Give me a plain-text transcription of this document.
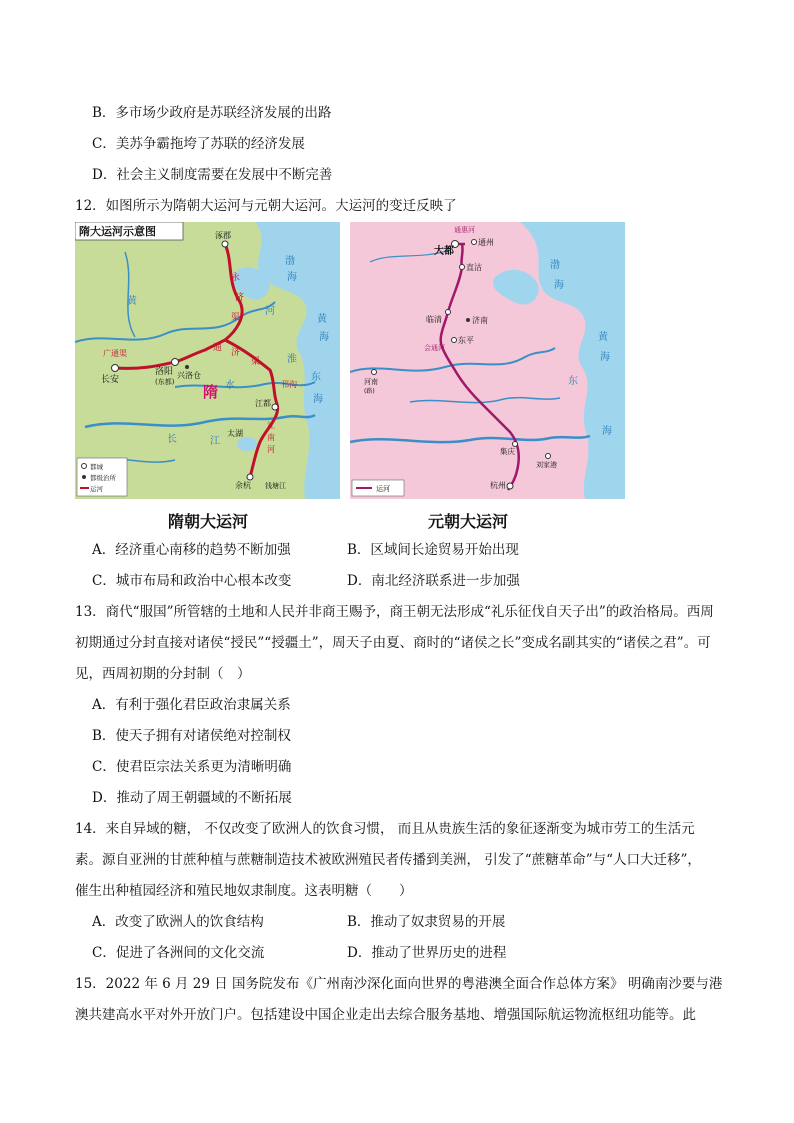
B．多市场少政府是苏联经济发展的出路
C．美苏争霸拖垮了苏联的经济发展
D．社会主义制度需要在发展中不断完善
12．如图所示为隋朝大运河与元朝大运河。大运河的变迁反映了
隋大运河示意图	涿郡
永
济
渠
黄
河
渤
海
黄
海
东
海
广通渠
长安
洛阳
(东都)
兴洛仓
通 济
渠
隋	邗沟
江都
江
南
河
太湖
余杭 钱塘江
淮
水
长	江
都城
都级治所
运河
隋朝大运河
通惠河
大都
通州
直沽
临清	济南
东平
会通河
河南
(路)
集庆
刘家港
杭州
渤
海
黄
海
东
海
运河
元朝大运河
A．经济重心南移的趋势不断加强	B．区域间长途贸易开始出现
C．城市布局和政治中心根本改变	D．南北经济联系进一步加强
13．商代“服国”所管辖的土地和人民并非商王赐予，商王朝无法形成“礼乐征伐自天子出”的政治格局。西周
初期通过分封直接对诸侯“授民”“授疆土”，周天子由夏、商时的“诸侯之长”变成名副其实的“诸侯之君”。可
见，西周初期的分封制（　）
A．有利于强化君臣政治隶属关系
B．使天子拥有对诸侯绝对控制权
C．使君臣宗法关系更为清晰明确
D．推动了周王朝疆域的不断拓展
14．来自异域的糖， 不仅改变了欧洲人的饮食习惯， 而且从贵族生活的象征逐渐变为城市劳工的生活元
素。源自亚洲的甘蔗种植与蔗糖制造技术被欧洲殖民者传播到美洲， 引发了“蔗糖革命”与“人口大迁移”，
催生出种植园经济和殖民地奴隶制度。这表明糖（　　）
A．改变了欧洲人的饮食结构	B．推动了奴隶贸易的开展
C．促进了各洲间的文化交流	D．推动了世界历史的进程
15．2022 年 6 月 29 日 国务院发布《广州南沙深化面向世界的粤港澳全面合作总体方案》 明确南沙要与港
澳共建高水平对外开放门户。包括建设中国企业走出去综合服务基地、增强国际航运物流枢纽功能等。此
